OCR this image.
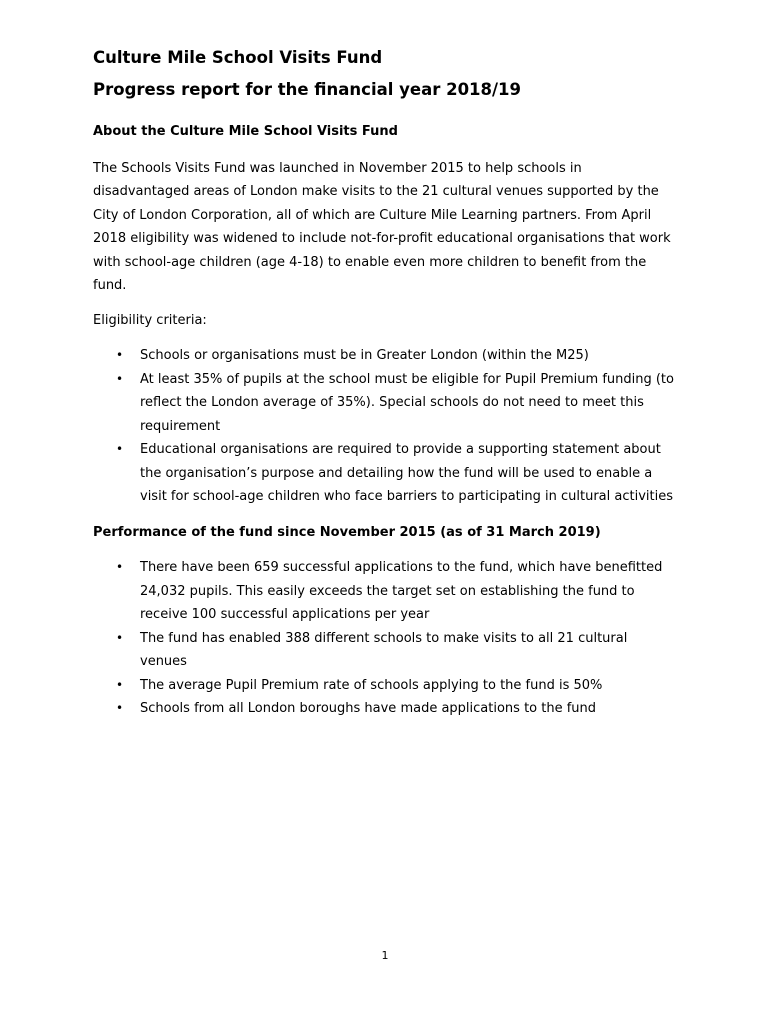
Culture Mile School Visits Fund
Progress report for the financial year 2018/19
About the Culture Mile School Visits Fund

The Schools Visits Fund was launched in November 2015 to help schools in disadvantaged areas of London make visits to the 21 cultural venues supported by the City of London Corporation, all of which are Culture Mile Learning partners. From April 2018 eligibility was widened to include not-for-profit educational organisations that work with school-age children (age 4-18) to enable even more children to benefit from the fund.

Eligibility criteria:

• Schools or organisations must be in Greater London (within the M25)
• At least 35% of pupils at the school must be eligible for Pupil Premium funding (to reflect the London average of 35%). Special schools do not need to meet this requirement
• Educational organisations are required to provide a supporting statement about the organisation’s purpose and detailing how the fund will be used to enable a visit for school-age children who face barriers to participating in cultural activities
Performance of the fund since November 2015 (as of 31 March 2019)
• There have been 659 successful applications to the fund, which have benefitted 24,032 pupils. This easily exceeds the target set on establishing the fund to receive 100 successful applications per year
• The fund has enabled 388 different schools to make visits to all 21 cultural venues
• The average Pupil Premium rate of schools applying to the fund is 50%
• Schools from all London boroughs have made applications to the fund
1
